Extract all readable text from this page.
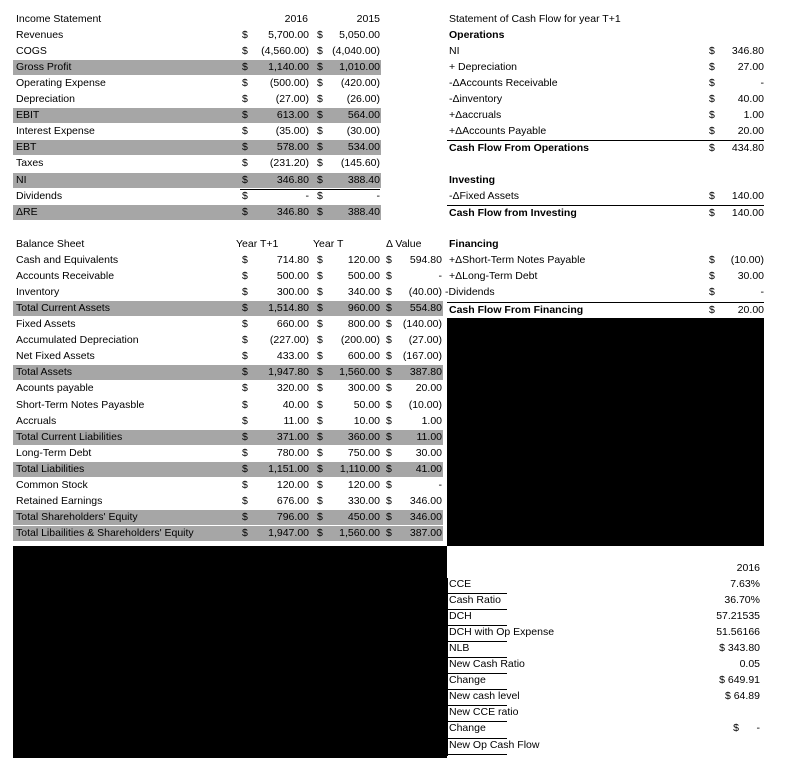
Income Statement	2016	2015
Revenues	$	5,700.00 $	5,050.00
COGS	$	(4,560.00) $ (4,040.00)
Gross Profit	$	1,140.00 $	1,010.00
Operating Expense	$	(500.00) $	(420.00)
Depreciation	$	(27.00) $	(26.00)
EBIT	$	613.00 $	564.00
Interest Expense	$	(35.00) $	(30.00)
EBT	$	578.00 $	534.00
Taxes	$	(231.20) $	(145.60)
NI	$	346.80 $	388.40
Dividends	$	- $	-
ΔRE	$	346.80 $	388.40
Balance Sheet	Year T+1	Year T	Δ Value
Cash and Equivalents	$	714.80 $	120.00 $	594.80
Accounts Receivable	$	500.00 $	500.00 $	-
Inventory	$	300.00 $	340.00 $	(40.00)
Total Current Assets	$	1,514.80 $	960.00 $	554.80
Fixed Assets	$	660.00 $	800.00 $	(140.00)
Accumulated Depreciation	$	(227.00) $	(200.00) $	(27.00)
Net Fixed Assets	$	433.00 $	600.00 $	(167.00)
Total Assets	$	1,947.80 $	1,560.00 $	387.80
Acounts payable	$	320.00 $	300.00 $	20.00
Short-Term Notes Payasble	$	40.00 $	50.00 $	(10.00)
Accruals	$	11.00 $	10.00 $	1.00
Total Current Liabilities	$	371.00 $	360.00 $	11.00
Long-Term Debt	$	780.00 $	750.00 $	30.00
Total Liabilities	$	1,151.00 $	1,110.00 $	41.00
Common Stock	$	120.00 $	120.00 $	-
Retained Earnings	$	676.00 $	330.00 $	346.00
Total Shareholders' Equity	$	796.00 $	450.00 $	346.00
Total Libailities & Shareholders' Equity	$	1,947.00 $	1,560.00 $	387.00
Statement of Cash Flow for year T+1
Operations
NI	$	346.80
+ Depreciation	$	27.00
-ΔAccounts Receivable	$	-
-Δinventory	$	40.00
+Δaccruals	$	1.00
+ΔAccounts Payable	$	20.00
Cash Flow From Operations	$	434.80
Investing
-ΔFixed Assets	$	140.00
Cash Flow from Investing	$	140.00
Financing
+ΔShort-Term Notes Payable	$	(10.00)
+ΔLong-Term Debt	$	30.00
-Dividends	$	-
Cash Flow From Financing	$	20.00
2016
CCE	7.63%
Cash Ratio	36.70%
DCH	57.21535
DCH with Op Expense	51.56166
NLB	$ 343.80
New Cash Ratio	0.05
Change	$ 649.91
New cash level	$ 64.89
New CCE ratio
Change	$      -
New Op Cash Flow
